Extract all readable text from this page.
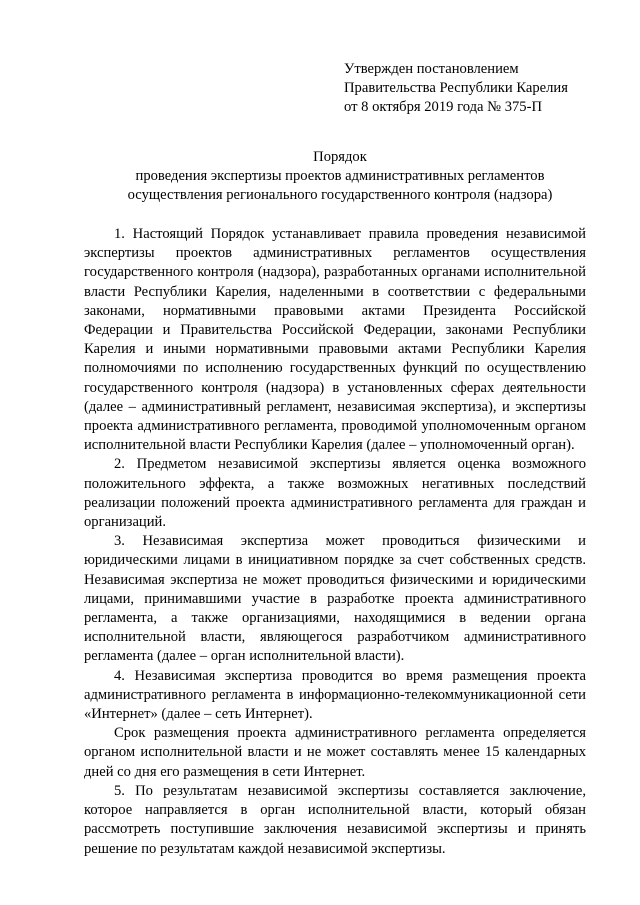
Утвержден постановлением
Правительства Республики Карелия
от 8 октября 2019 года № 375-П
Порядок
проведения экспертизы проектов административных регламентов
осуществления регионального государственного контроля (надзора)

1. Настоящий Порядок устанавливает правила проведения независимой экспертизы проектов административных регламентов осуществления государственного контроля (надзора), разработанных органами исполнительной власти Республики Карелия, наделенными в соответствии с федеральными законами, нормативными правовыми актами Президента Российской Федерации и Правительства Российской Федерации, законами Республики Карелия и иными нормативными правовыми актами Республики Карелия полномочиями по исполнению государственных функций по осуществлению государственного контроля (надзора) в установленных сферах деятельности (далее – административный регламент, независимая экспертиза), и экспертизы проекта административного регламента, проводимой уполномоченным органом исполнительной власти Республики Карелия (далее – уполномоченный орган).

2. Предметом независимой экспертизы является оценка возможного положительного эффекта, а также возможных негативных последствий реализации положений проекта административного регламента для граждан и организаций.

3. Независимая экспертиза может проводиться физическими и юридическими лицами в инициативном порядке за счет собственных средств. Независимая экспертиза не может проводиться физическими и юридическими лицами, принимавшими участие в разработке проекта административного регламента, а также организациями, находящимися в ведении органа исполнительной власти, являющегося разработчиком административного регламента (далее – орган исполнительной власти).

4. Независимая экспертиза проводится во время размещения проекта административного регламента в информационно-телекоммуникационной сети «Интернет» (далее – сеть Интернет).

Срок размещения проекта административного регламента определяется органом исполнительной власти и не может составлять менее 15 календарных дней со дня его размещения в сети Интернет.

5. По результатам независимой экспертизы составляется заключение, которое направляется в орган исполнительной власти, который обязан рассмотреть поступившие заключения независимой экспертизы и принять решение по результатам каждой независимой экспертизы.
